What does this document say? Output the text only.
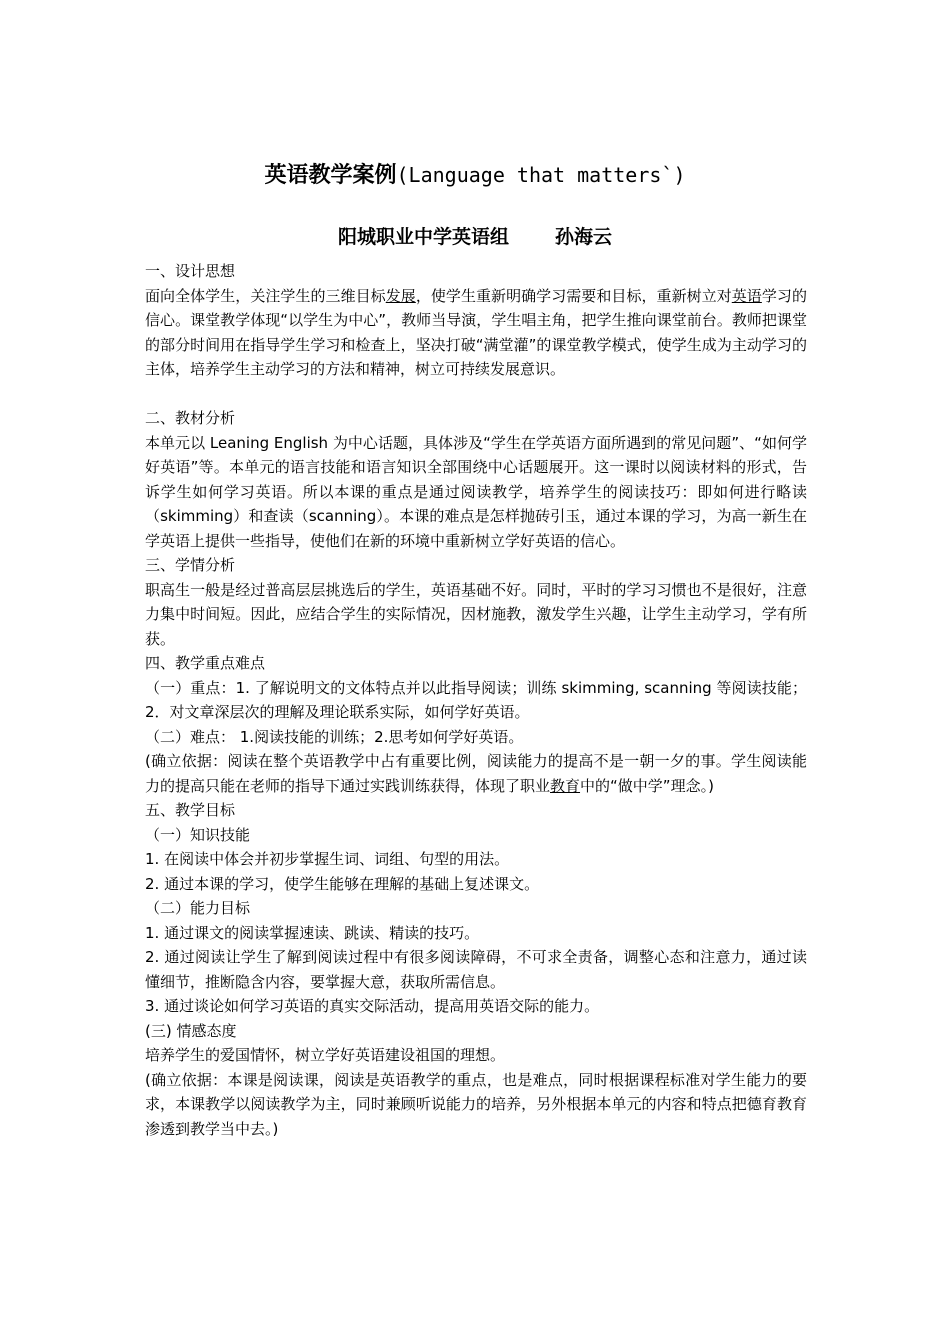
英语教学案例(Language that matters`)
阳城职业中学英语组 孙海云

一、设计思想

面向全体学生，关注学生的三维目标发展，使学生重新明确学习需要和目标，重新树立对英语学习的信心。课堂教学体现“以学生为中心”，教师当导演，学生唱主角，把学生推向课堂前台。教师把课堂的部分时间用在指导学生学习和检查上，坚决打破“满堂灌”的课堂教学模式，使学生成为主动学习的主体，培养学生主动学习的方法和精神，树立可持续发展意识。

二、教材分析

本单元以 Leaning English 为中心话题，具体涉及“学生在学英语方面所遇到的常见问题”、“如何学好英语”等。本单元的语言技能和语言知识全部围绕中心话题展开。这一课时以阅读材料的形式，告诉学生如何学习英语。所以本课的重点是通过阅读教学，培养学生的阅读技巧：即如何进行略读（skimming）和查读（scanning）。本课的难点是怎样抛砖引玉，通过本课的学习，为高一新生在学英语上提供一些指导，使他们在新的环境中重新树立学好英语的信心。

三、学情分析

职高生一般是经过普高层层挑选后的学生，英语基础不好。同时，平时的学习习惯也不是很好，注意力集中时间短。因此，应结合学生的实际情况，因材施教，激发学生兴趣，让学生主动学习，学有所获。

四、教学重点难点

（一）重点：1. 了解说明文的文体特点并以此指导阅读；训练 skimming, scanning 等阅读技能；2．对文章深层次的理解及理论联系实际，如何学好英语。

（二）难点： 1.阅读技能的训练；2.思考如何学好英语。

(确立依据：阅读在整个英语教学中占有重要比例，阅读能力的提高不是一朝一夕的事。学生阅读能力的提高只能在老师的指导下通过实践训练获得，体现了职业教育中的“做中学”理念。)

五、教学目标

（一）知识技能

1. 在阅读中体会并初步掌握生词、词组、句型的用法。

2. 通过本课的学习，使学生能够在理解的基础上复述课文。

（二）能力目标

1. 通过课文的阅读掌握速读、跳读、精读的技巧。

2. 通过阅读让学生了解到阅读过程中有很多阅读障碍，不可求全责备，调整心态和注意力，通过读懂细节，推断隐含内容，要掌握大意，获取所需信息。

3. 通过谈论如何学习英语的真实交际活动，提高用英语交际的能力。

(三) 情感态度

培养学生的爱国情怀，树立学好英语建设祖国的理想。

(确立依据：本课是阅读课，阅读是英语教学的重点，也是难点，同时根据课程标准对学生能力的要求，本课教学以阅读教学为主，同时兼顾听说能力的培养，另外根据本单元的内容和特点把德育教育渗透到教学当中去。)
